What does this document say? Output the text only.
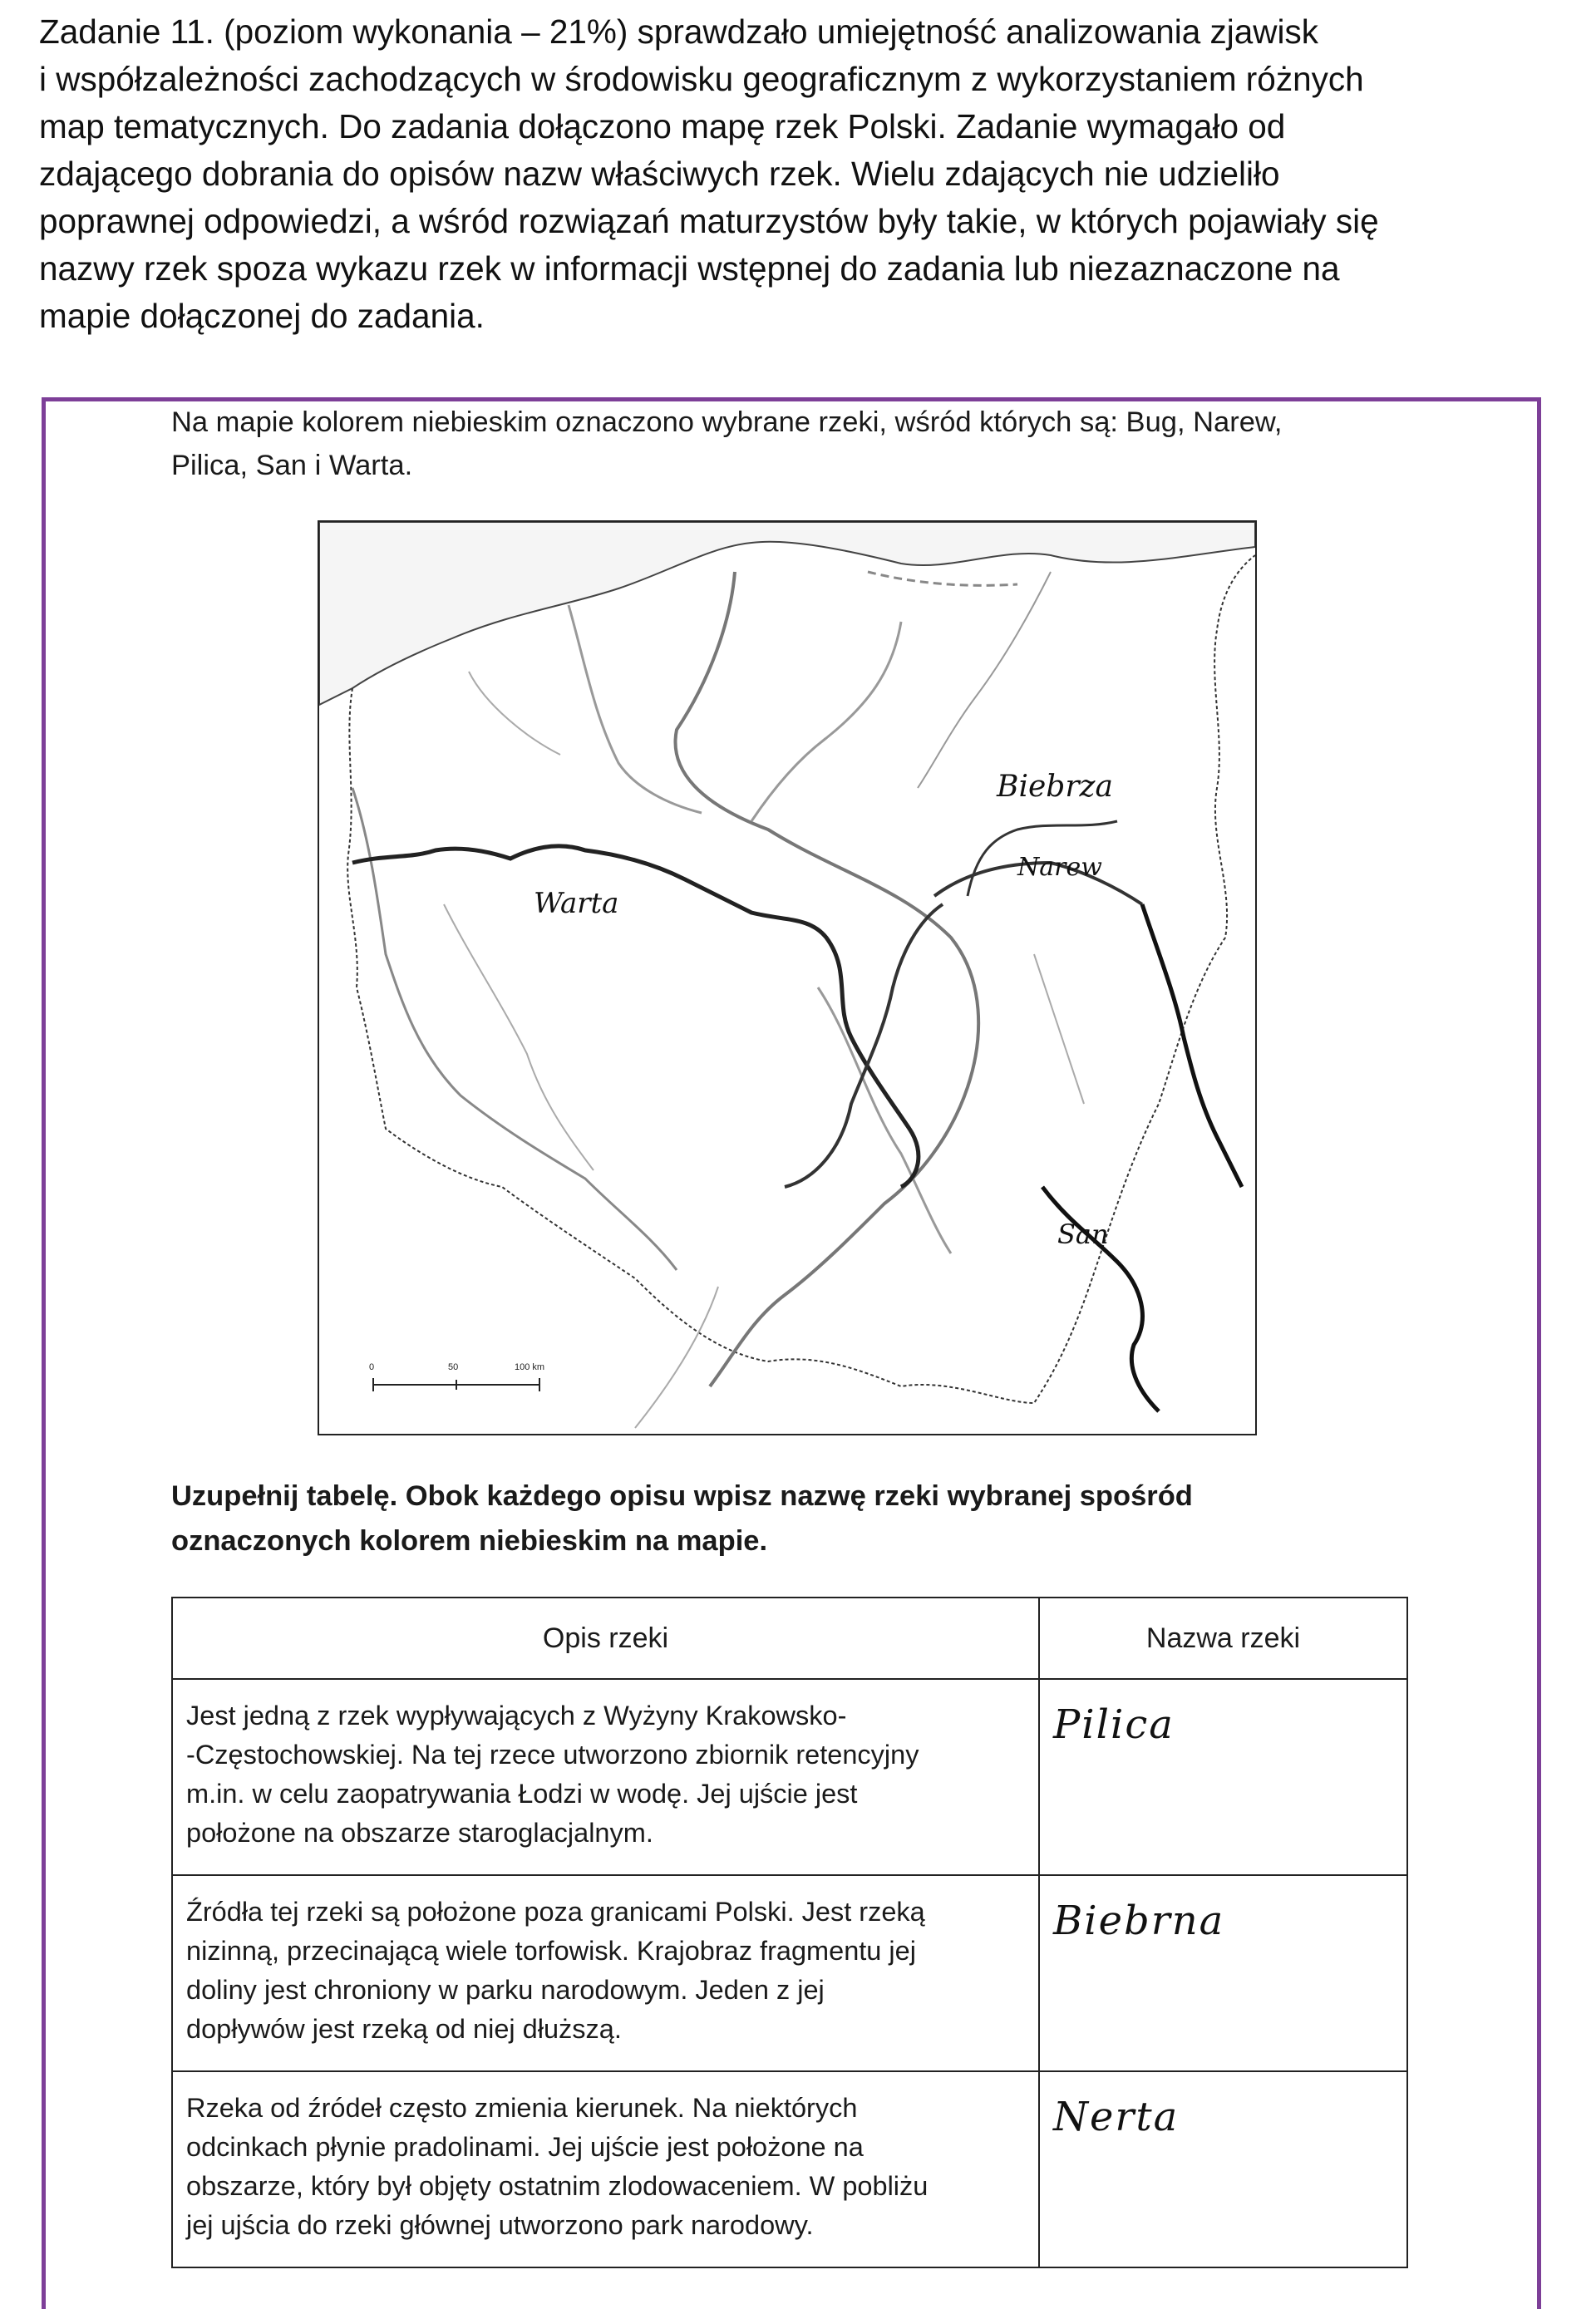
Zadanie 11. (poziom wykonania – 21%) sprawdzało umiejętność analizowania zjawisk

i współzależności zachodzących w środowisku geograficznym z wykorzystaniem różnych

map tematycznych. Do zadania dołączono mapę rzek Polski. Zadanie wymagało od

zdającego dobrania do opisów nazw właściwych rzek. Wielu zdających nie udzieliło

poprawnej odpowiedzi, a wśród rozwiązań maturzystów były takie, w których pojawiały się

nazwy rzek spoza wykazu rzek w informacji wstępnej do zadania lub niezaznaczone na

mapie dołączonej do zadania.

Na mapie kolorem niebieskim oznaczono wybrane rzeki, wśród których są: Bug, Narew,
Pilica, San i Warta.
0	50	100 km
Biebrza
Narew
Warta
San
Uzupełnij tabelę. Obok każdego opisu wpisz nazwę rzeki wybranej spośród
oznaczonych kolorem niebieskim na mapie.
Opis rzeki	Nazwa rzeki

Jest jedną z rzek wypływających z Wyżyny Krakowsko-
-Częstochowskiej. Na tej rzece utworzono zbiornik retencyjny
m.in. w celu zaopatrywania Łodzi w wodę. Jej ujście jest
położone na obszarze staroglacjalnym.	Pilica

Źródła tej rzeki są położone poza granicami Polski. Jest rzeką
nizinną, przecinającą wiele torfowisk. Krajobraz fragmentu jej
doliny jest chroniony w parku narodowym. Jeden z jej
dopływów jest rzeką od niej dłuższą.	Biebrna

Rzeka od źródeł często zmienia kierunek. Na niektórych
odcinkach płynie pradolinami. Jej ujście jest położone na
obszarze, który był objęty ostatnim zlodowaceniem. W pobliżu
jej ujścia do rzeki głównej utworzono park narodowy.	Nerta
